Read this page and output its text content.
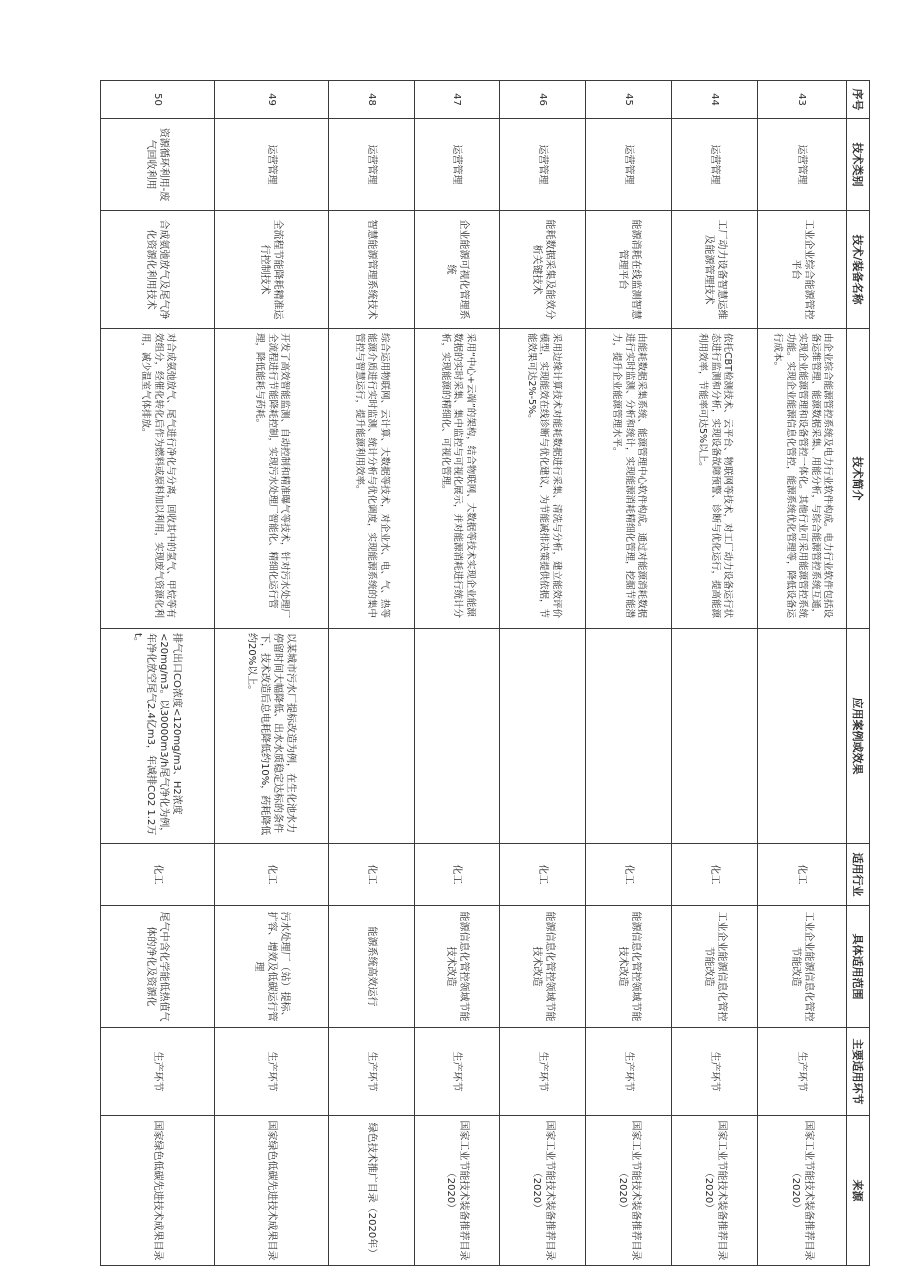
序号	技术类别	技术/装备名称	技术简介	应用案例或效果	适用行业	具体适用范围	主要适用环节	来源
43	运营管理	工业企业综合能源管控平台	由企业综合能源管控系统及电力行业软件构成。电力行业软件包括设备运维管理、能源数据采集、用能分析，与综合能源管控系统互通，实现企业能源管理和设备管控一体化。其他行业可采用能源管控系统功能。实现企业能源信息化管控，能源系统优化管理等，降低设备运行成本。		化工	工业企业能源信息化管控节能改造	生产环节	国家工业节能技术装备推荐目录（2020）
44	运营管理	工厂动力设备智慧运维及能源管理技术	依托CBT检测技术、云平台、物联网等技术，对工厂动力设备运行状态进行监测和分析，实现设备故障预警、诊断与优化运行，提高能源利用效率，节能率可达5%以上。		化工	工业企业能源信息化管控节能改造	生产环节	国家工业节能技术装备推荐目录（2020）
45	运营管理	能源消耗在线监测智慧管理平台	由能耗数据采集系统、能源管理中心软件构成。通过对能源消耗数据进行实时监测、分析和统计，实现能源消耗精细化管理，挖掘节能潜力，提升企业能源管理水平。		化工	能源信息化管控领域节能技术改造	生产环节	国家工业节能技术装备推荐目录（2020）
46	运营管理	能耗数据采集及能效分析关键技术	采用边缘计算技术对能耗数据进行采集、清洗与分析，建立能效评价模型，实现能效在线诊断与优化建议，为节能减排决策提供依据，节能效果可达2%-5%。		化工	能源信息化管控领域节能技术改造	生产环节	国家工业节能技术装备推荐目录（2020）
47	运营管理	企业能源可视化管理系统	采用“中心+云端”的架构，结合物联网、大数据等技术实现企业能源数据的实时采集、集中监控与可视化展示，并对能源消耗进行统计分析，实现能源的精细化、可视化管理。		化工	能源信息化管控领域节能技术改造	生产环节	国家工业节能技术装备推荐目录（2020）
48	运营管理	智慧能源管理系统技术	综合运用物联网、云计算、大数据等技术，对企业水、电、气、热等能源介质进行实时监测、统计分析与优化调度，实现能源系统的集中管控与智慧运行，提升能源利用效率。		化工	能源系统高效运行	生产环节	绿色技术推广目录（2020年）
49	运营管理	全流程节能降耗精准运行控制技术	开发了高效智能监测、自动控制和精准曝气等技术，针对污水处理厂全流程进行节能降耗控制，实现污水处理厂智能化、精细化运行管理，降低能耗与药耗。	以某城市污水厂提标改造为例，在生化池水力停留时间大幅降低、出水水质稳定达标的条件下，技术改造后总电耗降低约10%，药耗降低约20%以上。	化工	污水处理厂（站）提标、扩容、增效及低碳运行管理	生产环节	国家绿色低碳先进技术成果目录
50	资源循环利用-废气回收利用	合成氨弛放气及尾气净化资源化利用技术	对合成氨弛放气、尾气进行净化与分离，回收其中的氢气、甲烷等有效组分，经催化转化后作为燃料或原料加以利用，实现废气资源化利用，减少温室气体排放。	排气出口CO浓度<120mg/m3、H2浓度<20mg/m3。以30000m3/h尾气净化为例，年净化放空尾气2.4亿m3，年减排CO2 1.2万t。	化工	尾气中含化学能低热值气体的净化及资源化	生产环节	国家绿色低碳先进技术成果目录
